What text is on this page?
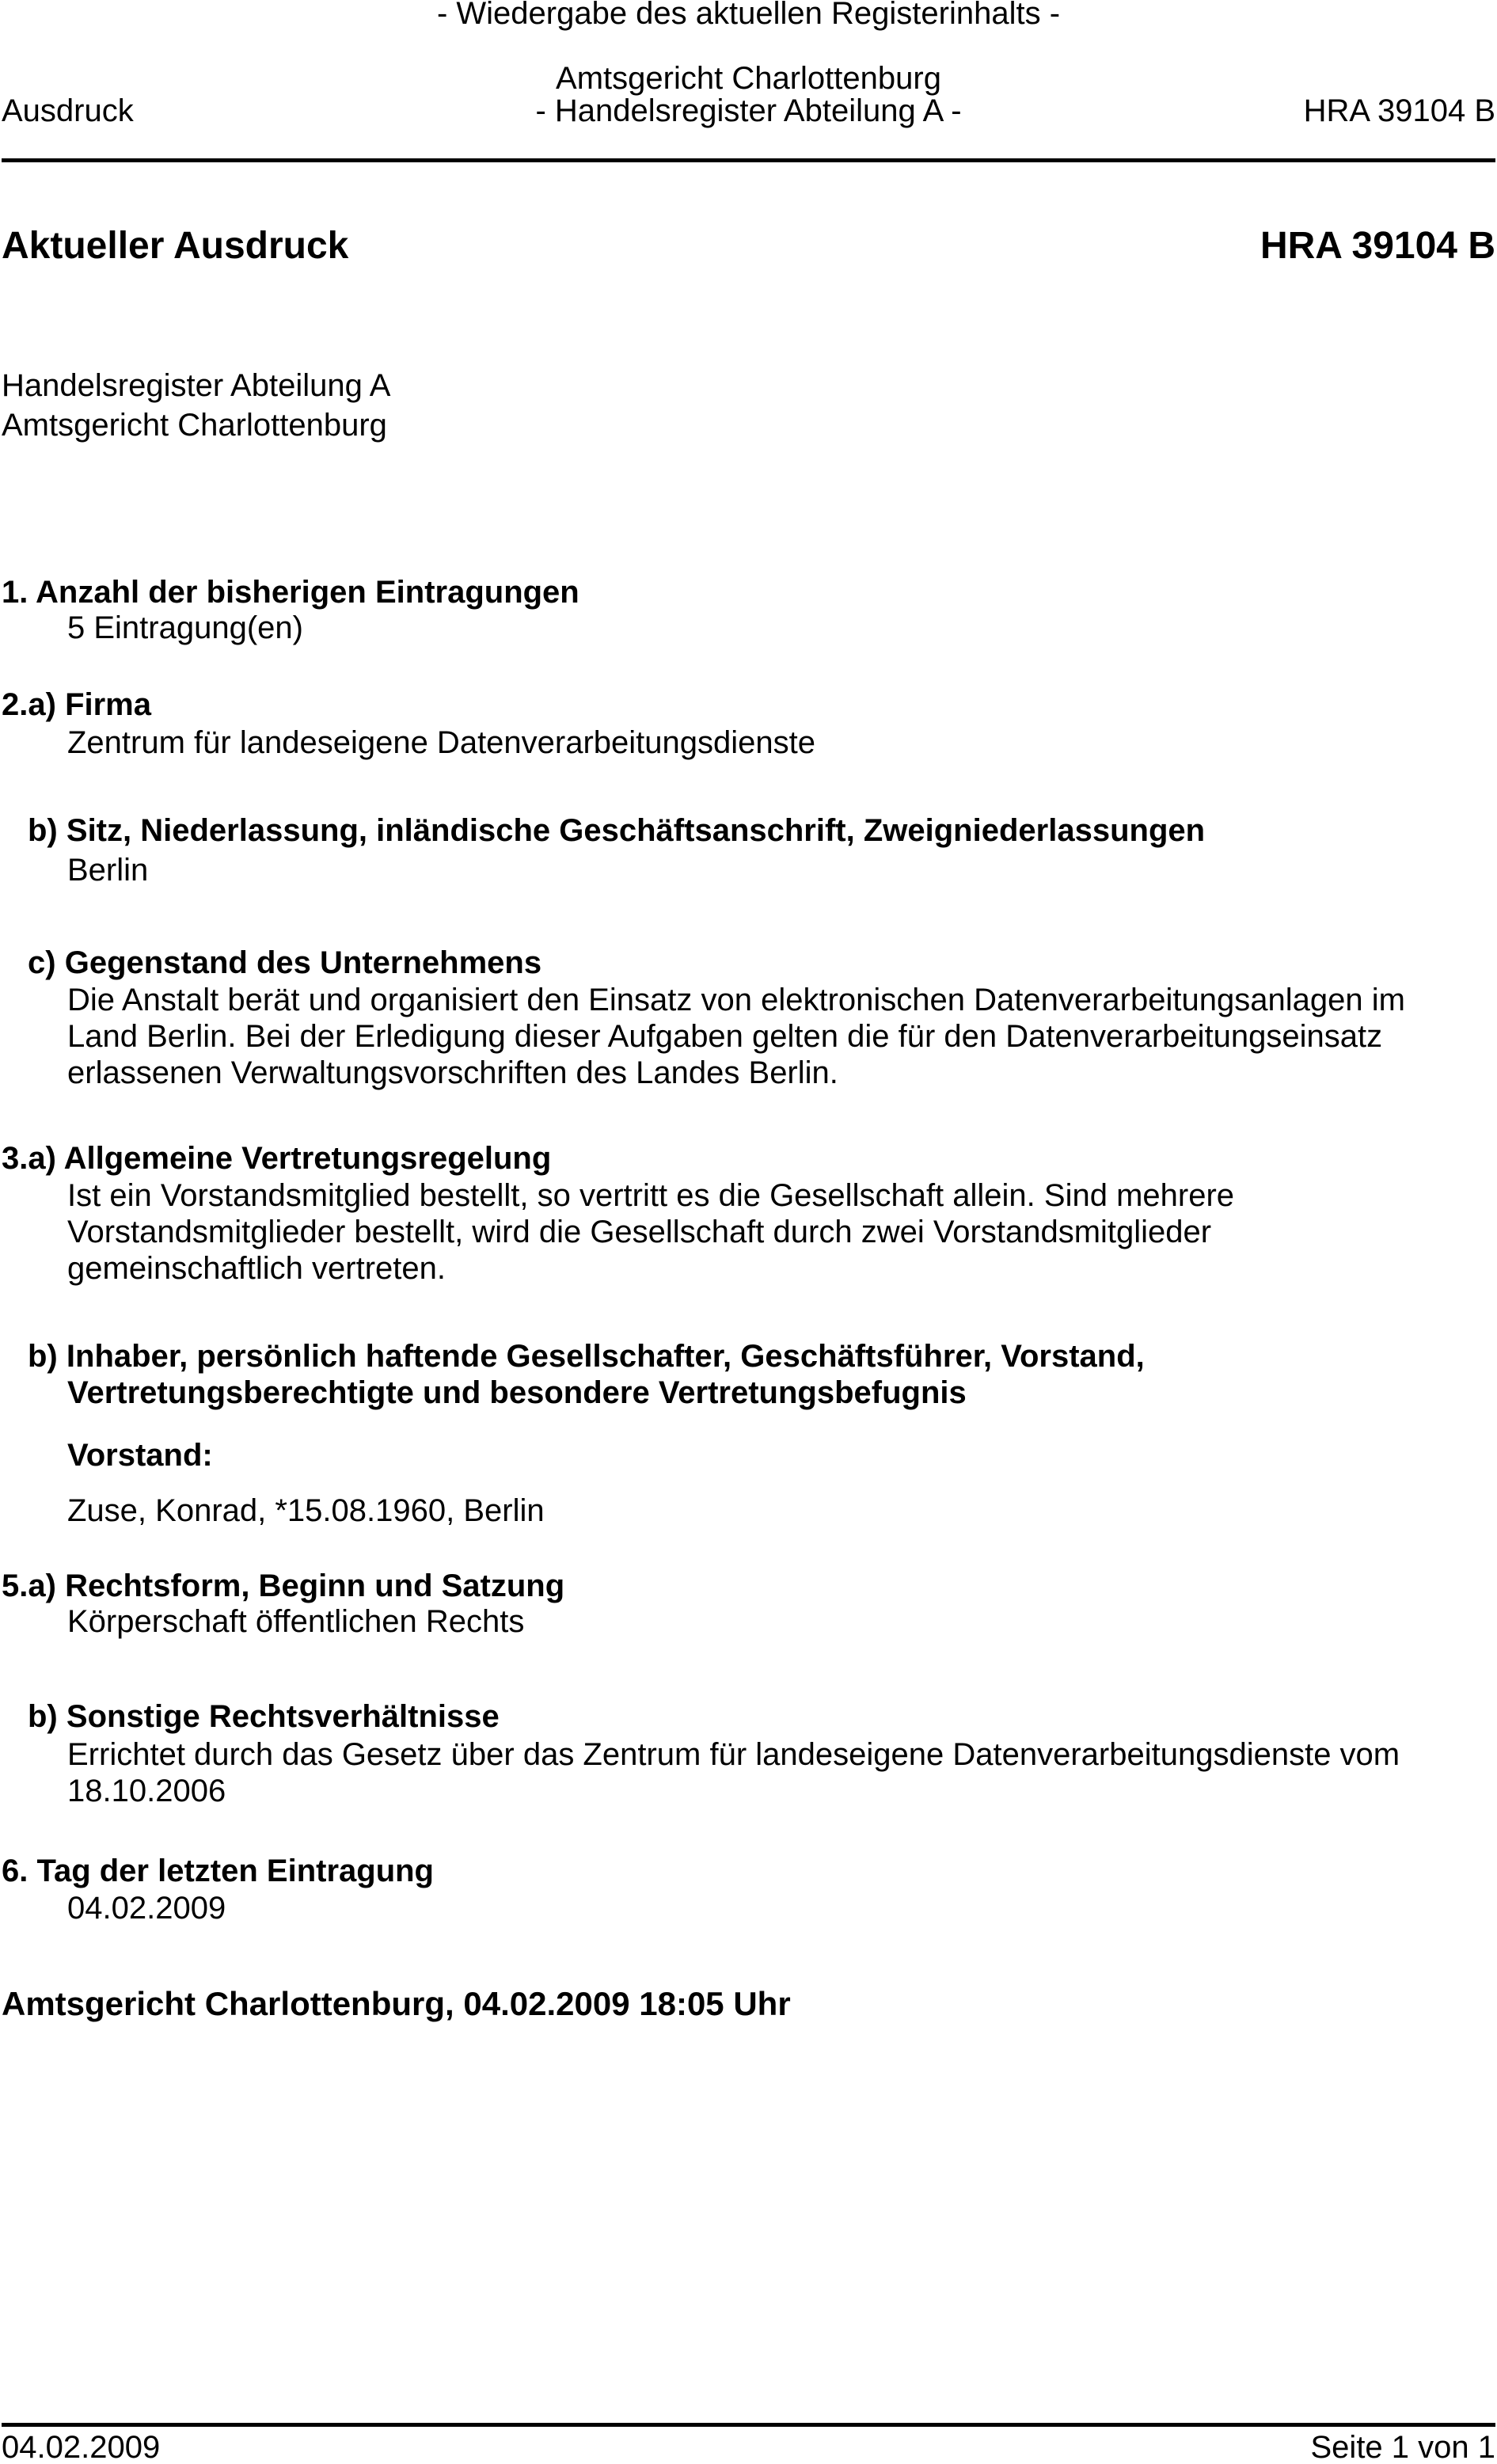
- Wiedergabe des aktuellen Registerinhalts -
Amtsgericht Charlottenburg
Ausdruck	- Handelsregister Abteilung A -	HRA 39104 B
Aktueller Ausdruck	HRA 39104 B
Handelsregister Abteilung A
Amtsgericht Charlottenburg
1. Anzahl der bisherigen Eintragungen
5 Eintragung(en)
2.a) Firma
Zentrum für landeseigene Datenverarbeitungsdienste
b) Sitz, Niederlassung, inländische Geschäftsanschrift, Zweigniederlassungen
Berlin
c) Gegenstand des Unternehmens
Die Anstalt berät und organisiert den Einsatz von elektronischen Datenverarbeitungsanlagen im
Land Berlin. Bei der Erledigung dieser Aufgaben gelten die für den Datenverarbeitungseinsatz
erlassenen Verwaltungsvorschriften des Landes Berlin.
3.a) Allgemeine Vertretungsregelung
Ist ein Vorstandsmitglied bestellt, so vertritt es die Gesellschaft allein. Sind mehrere
Vorstandsmitglieder bestellt, wird die Gesellschaft durch zwei Vorstandsmitglieder
gemeinschaftlich vertreten.
b) Inhaber, persönlich haftende Gesellschafter, Geschäftsführer, Vorstand,
Vertretungsberechtigte und besondere Vertretungsbefugnis
Vorstand:
Zuse, Konrad, *15.08.1960, Berlin
5.a) Rechtsform, Beginn und Satzung
Körperschaft öffentlichen Rechts
b) Sonstige Rechtsverhältnisse
Errichtet durch das Gesetz über das Zentrum für landeseigene Datenverarbeitungsdienste vom
18.10.2006
6. Tag der letzten Eintragung
04.02.2009
Amtsgericht Charlottenburg, 04.02.2009 18:05 Uhr
04.02.2009	Seite 1 von 1
